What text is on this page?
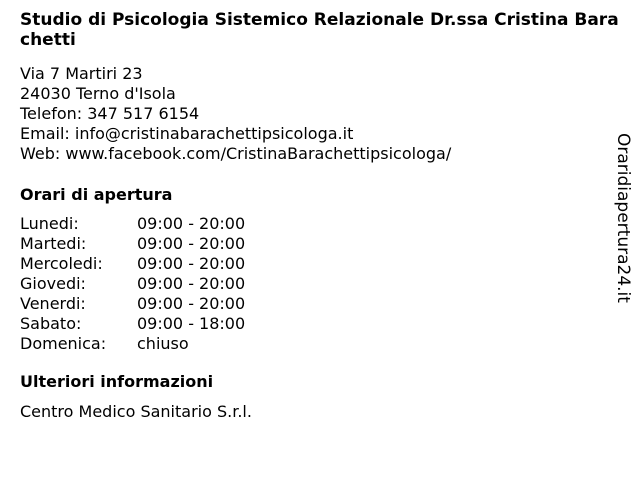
Studio di Psicologia Sistemico Relazionale Dr.ssa Cristina Barachetti
Via 7 Martiri 23
24030 Terno d'Isola
Telefon: 347 517 6154
Email: info@cristinabarachettipsicologa.it
Web: www.facebook.com/CristinaBarachettipsicologa/
Orari di apertura
Lunedi:	09:00 - 20:00
Martedi:	09:00 - 20:00
Mercoledi:	09:00 - 20:00
Giovedi:	09:00 - 20:00
Venerdi:	09:00 - 20:00
Sabato:	09:00 - 18:00
Domenica:	chiuso
Ulteriori informazioni
Centro Medico Sanitario S.r.l.
Oraridiapertura24.it
